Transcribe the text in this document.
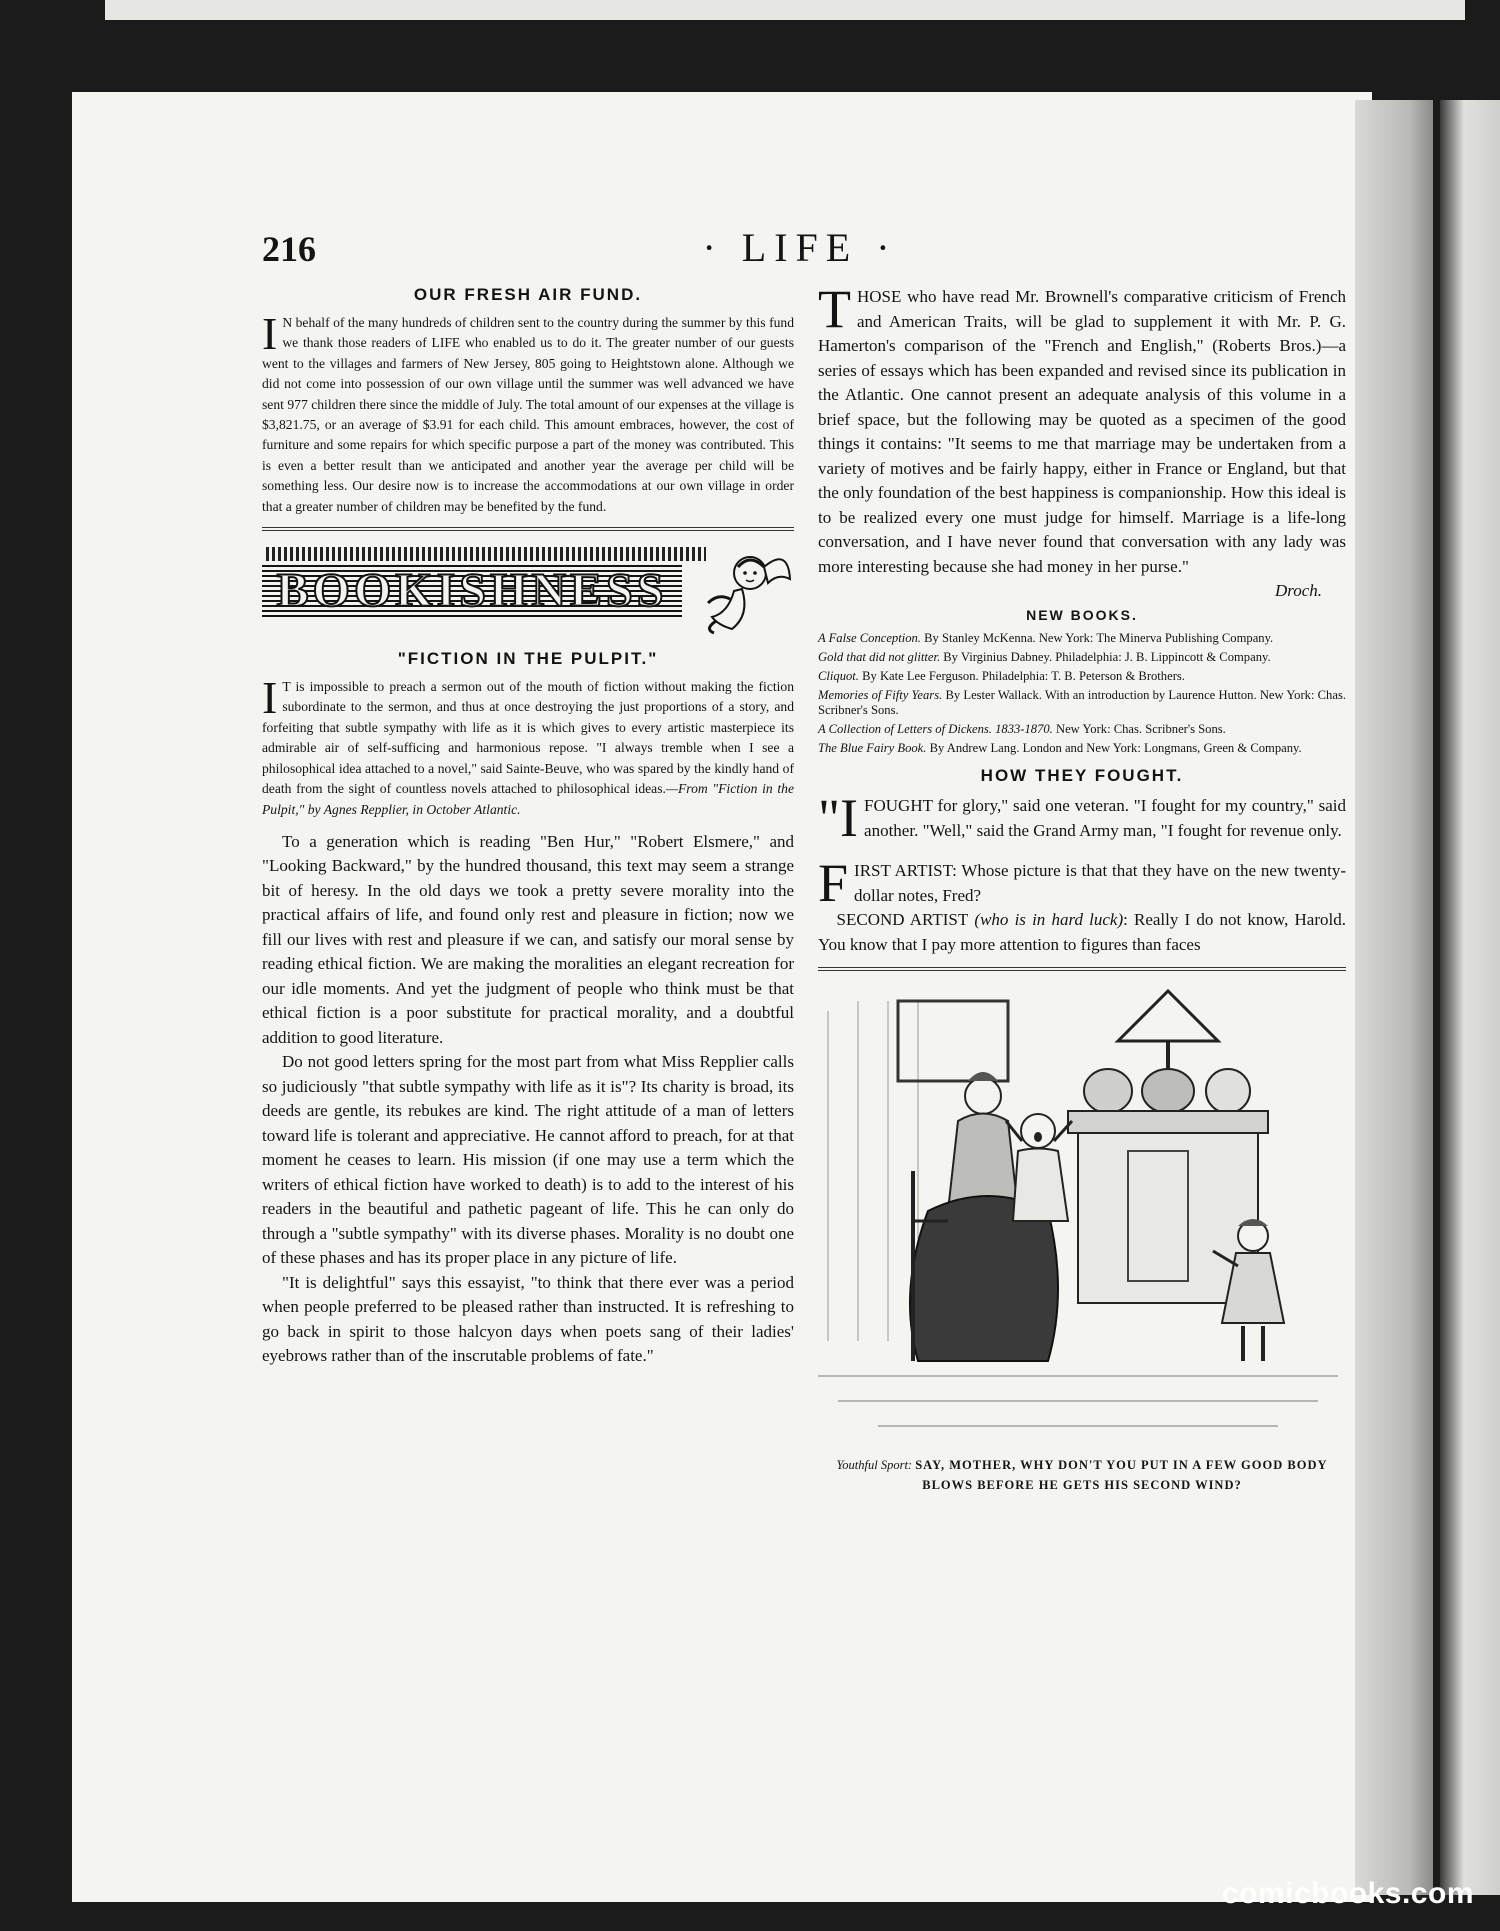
216	· LIFE ·
OUR FRESH AIR FUND.

I N behalf of the many hundreds of children sent to the country during the summer by this fund we thank those readers of LIFE who enabled us to do it. The greater number of our guests went to the villages and farmers of New Jersey, 805 going to Heightstown alone. Although we did not come into possession of our own village until the summer was well advanced we have sent 977 children there since the middle of July. The total amount of our expenses at the village is $3,821.75, or an average of $3.91 for each child. This amount embraces, however, the cost of furniture and some repairs for which specific purpose a part of the money was contributed. This is even a better result than we anticipated and another year the average per child will be something less. Our desire now is to increase the accommodations at our own village in order that a greater number of children may be benefited by the fund.

BOOKISHNESS
"FICTION IN THE PULPIT."

I T is impossible to preach a sermon out of the mouth of fiction without making the fiction subordinate to the sermon, and thus at once destroying the just proportions of a story, and forfeiting that subtle sympathy with life as it is which gives to every artistic masterpiece its admirable air of self-sufficing and harmonious repose. "I always tremble when I see a philosophical idea attached to a novel," said Sainte-Beuve, who was spared by the kindly hand of death from the sight of countless novels attached to philosophical ideas.—From "Fiction in the Pulpit," by Agnes Repplier, in October Atlantic.

To a generation which is reading "Ben Hur," "Robert Elsmere," and "Looking Backward," by the hundred thousand, this text may seem a strange bit of heresy. In the old days we took a pretty severe morality into the practical affairs of life, and found only rest and pleasure in fiction; now we fill our lives with rest and pleasure if we can, and satisfy our moral sense by reading ethical fiction. We are making the moralities an elegant recreation for our idle moments. And yet the judgment of people who think must be that ethical fiction is a poor substitute for practical morality, and a doubtful addition to good literature.

Do not good letters spring for the most part from what Miss Repplier calls so judiciously "that subtle sympathy with life as it is"? Its charity is broad, its deeds are gentle, its rebukes are kind. The right attitude of a man of letters toward life is tolerant and appreciative. He cannot afford to preach, for at that moment he ceases to learn. His mission (if one may use a term which the writers of ethical fiction have worked to death) is to add to the interest of his readers in the beautiful and pathetic pageant of life. This he can only do through a "subtle sympathy" with its diverse phases. Morality is no doubt one of these phases and has its proper place in any picture of life.

"It is delightful" says this essayist, "to think that there ever was a period when people preferred to be pleased rather than instructed. It is refreshing to go back in spirit to those halcyon days when poets sang of their ladies' eyebrows rather than of the inscrutable problems of fate."

THOSE who have read Mr. Brownell's comparative criticism of French and American Traits, will be glad to supplement it with Mr. P. G. Hamerton's comparison of the "French and English," (Roberts Bros.)—a series of essays which has been expanded and revised since its publication in the Atlantic. One cannot present an adequate analysis of this volume in a brief space, but the following may be quoted as a specimen of the good things it contains: "It seems to me that marriage may be undertaken from a variety of motives and be fairly happy, either in France or England, but that the only foundation of the best happiness is companionship. How this ideal is to be realized every one must judge for himself. Marriage is a life-long conversation, and I have never found that conversation with any lady was more interesting because she had money in her purse."

Droch.
NEW BOOKS.

A False Conception. By Stanley McKenna. New York: The Minerva Publishing Company.

Gold that did not glitter. By Virginius Dabney. Philadelphia: J. B. Lippincott & Company.

Cliquot. By Kate Lee Ferguson. Philadelphia: T. B. Peterson & Brothers.

Memories of Fifty Years. By Lester Wallack. With an introduction by Laurence Hutton. New York: Chas. Scribner's Sons.

A Collection of Letters of Dickens. 1833-1870. New York: Chas. Scribner's Sons.

The Blue Fairy Book. By Andrew Lang. London and New York: Longmans, Green & Company.

HOW THEY FOUGHT.

"IFOUGHT for glory," said one veteran. "I fought for my country," said another. "Well," said the Grand Army man, "I fought for revenue only.

FIRST ARTIST: Whose picture is that that they have on the new twenty-dollar notes, Fred?
SECOND ARTIST (who is in hard luck): Really I do not know, Harold. You know that I pay more attention to figures than faces

Youthful Sport: SAY, MOTHER, WHY DON'T YOU PUT IN A FEW GOOD BODY BLOWS BEFORE HE GETS HIS SECOND WIND?
comicbooks.com
